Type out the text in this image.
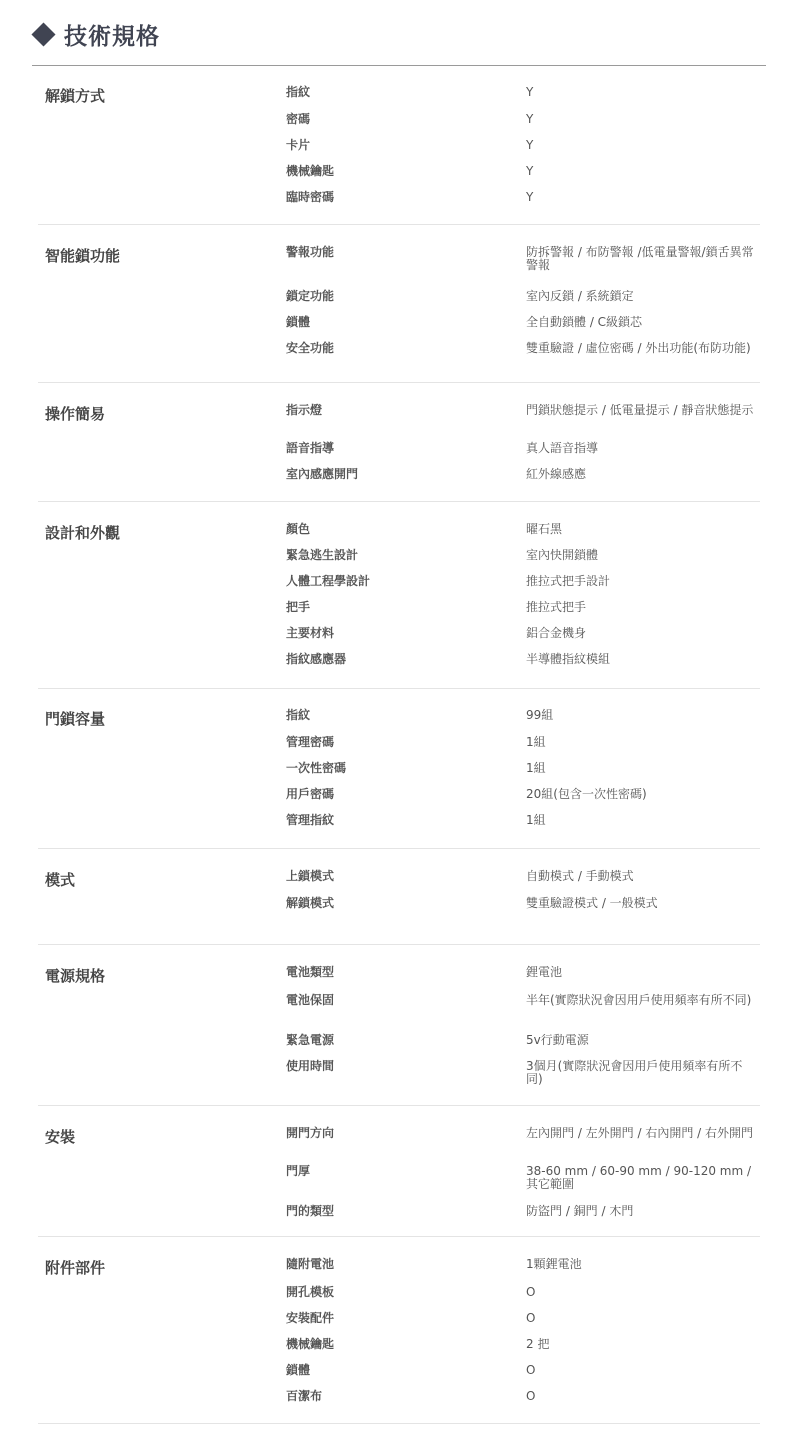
技術規格
解鎖方式	指紋	Y
密碼	Y
卡片	Y
機械鑰匙	Y
臨時密碼	Y
智能鎖功能	警報功能	防拆警報 / 布防警報 /低電量警報/鎖舌異常警報
鎖定功能	室內反鎖 / 系統鎖定
鎖體	全自動鎖體 / C級鎖芯
安全功能	雙重驗證 / 虛位密碼 / 外出功能(布防功能)
操作簡易	指示燈	門鎖狀態提示 / 低電量提示 / 靜音狀態提示
語音指導	真人語音指導
室內感應開門	紅外線感應
設計和外觀	顏色	曜石黑
緊急逃生設計	室內快開鎖體
人體工程學設計	推拉式把手設計
把手	推拉式把手
主要材料	鋁合金機身
指紋感應器	半導體指紋模組
門鎖容量	指紋	99組
管理密碼	1組
一次性密碼	1組
用戶密碼	20組(包含一次性密碼)
管理指紋	1組
模式	上鎖模式	自動模式 / 手動模式
解鎖模式	雙重驗證模式 / 一般模式
電源規格	電池類型	鋰電池
電池保固	半年(實際狀況會因用戶使用頻率有所不同)
緊急電源	5v行動電源
使用時間	3個月(實際狀況會因用戶使用頻率有所不同)
安裝	開門方向	左內開門 / 左外開門 / 右內開門 / 右外開門
門厚	38-60 mm / 60-90 mm / 90-120 mm / 其它範圍
門的類型	防盜門 / 銅門 / 木門
附件部件	隨附電池	1顆鋰電池
開孔模板	O
安裝配件	O
機械鑰匙	2 把
鎖體	O
百潔布	O
